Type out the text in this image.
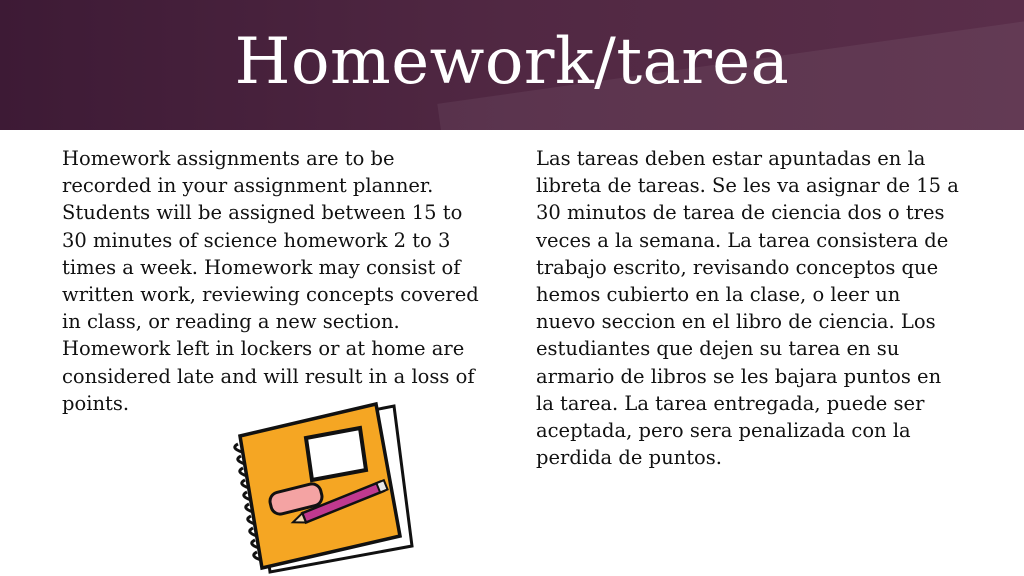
Homework/tarea
Homework assignments are to be
recorded in your assignment planner.
Students will be assigned between 15 to
30 minutes of science homework 2 to 3
times a week. Homework may consist of
written work, reviewing concepts covered
in class, or reading a new section.
Homework left in lockers or at home are
considered late and will result in a loss of
points.
Las tareas deben estar apuntadas en la
libreta de tareas. Se les va asignar de 15 a
30 minutos de tarea de ciencia dos o tres
veces a la semana. La tarea consistera de
trabajo escrito, revisando conceptos que
hemos cubierto en la clase, o leer un
nuevo seccion en el libro de ciencia. Los
estudiantes que dejen su tarea en su
armario de libros se les bajara puntos en
la tarea. La tarea entregada, puede ser
aceptada, pero sera penalizada con la
perdida de puntos.
